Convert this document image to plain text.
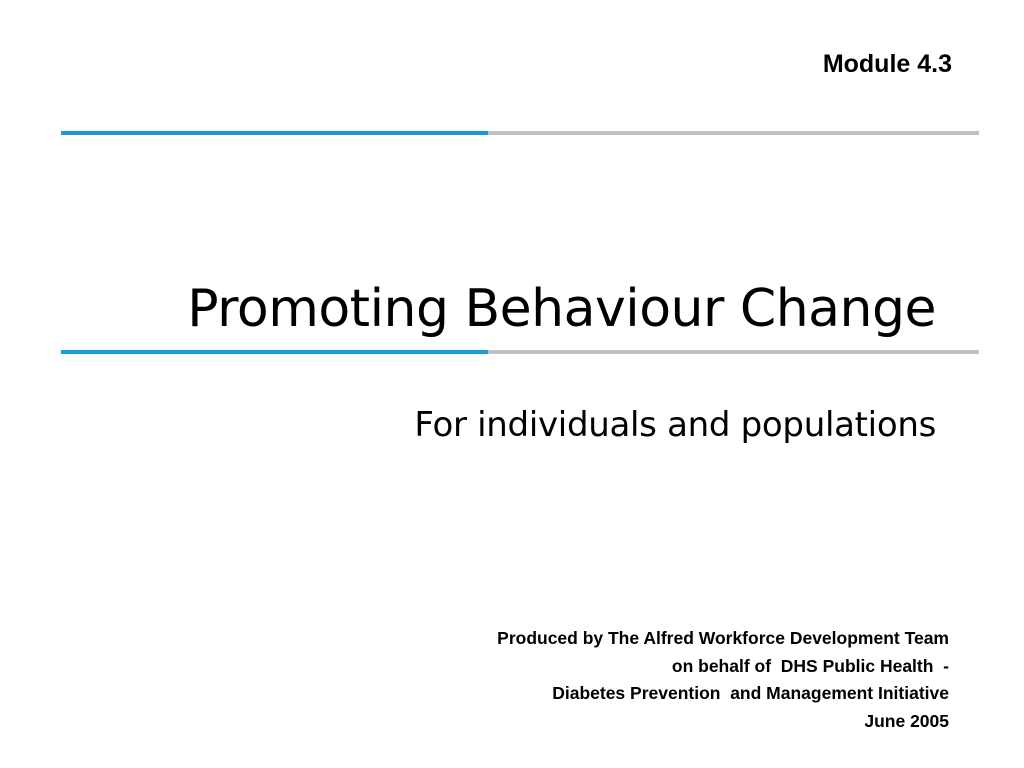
Module 4.3
Promoting Behaviour Change
For individuals and populations
Produced by The Alfred Workforce Development Team
on behalf of  DHS Public Health  -
Diabetes Prevention  and Management Initiative
June 2005
